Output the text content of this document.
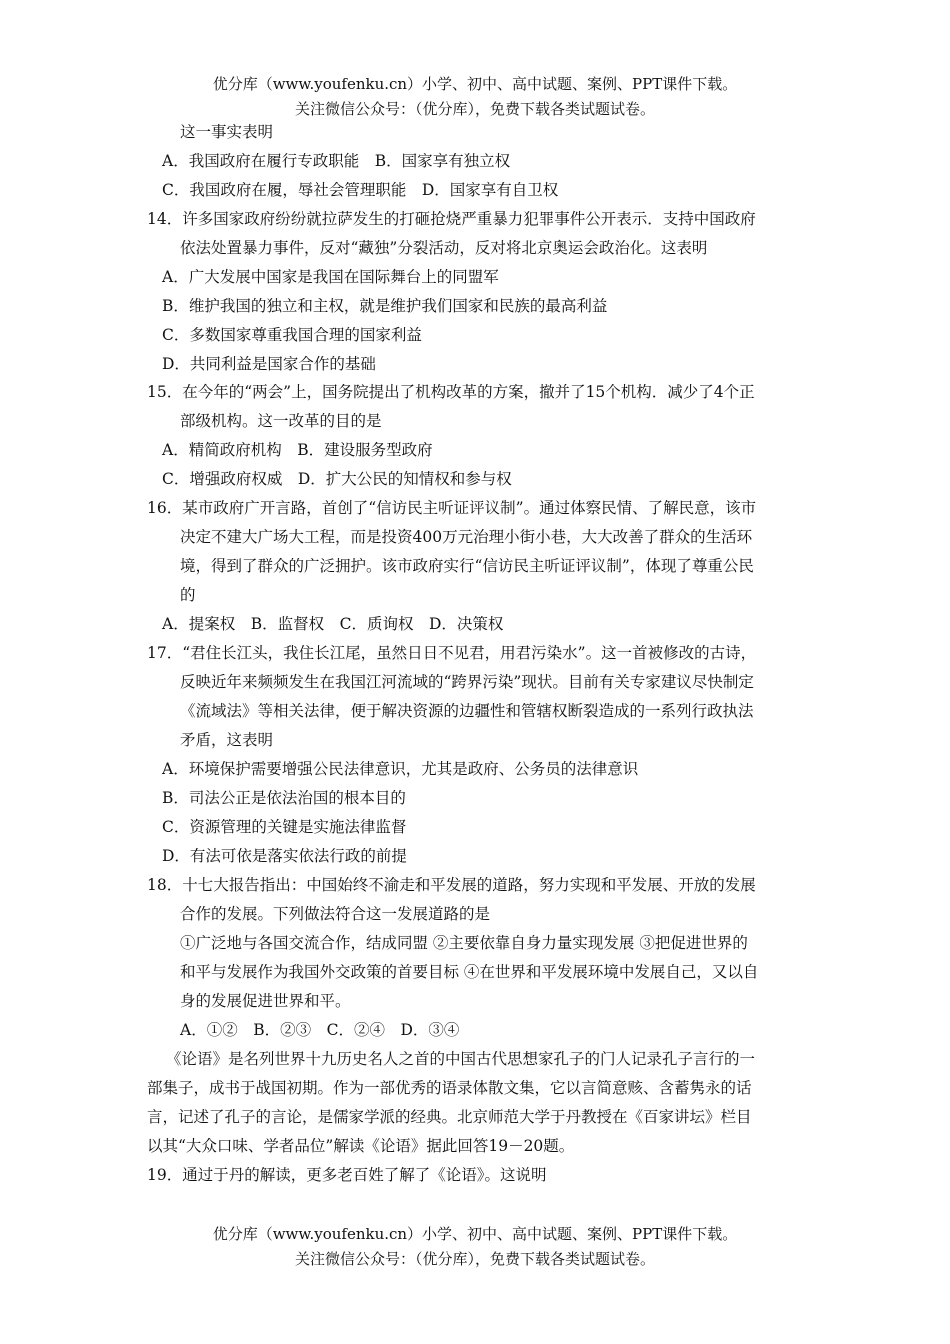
优分库（www.youfenku.cn）小学、初中、高中试题、案例、PPT课件下载。
关注微信公众号：（优分库），免费下载各类试题试卷。
这一事实表明
A．我国政府在履行专政职能　B．国家享有独立权
C．我国政府在履，辱社会管理职能　D．国家享有自卫权
14．许多国家政府纷纷就拉萨发生的打砸抢烧严重暴力犯罪事件公开表示．支持中国政府
依法处置暴力事件，反对“藏独”分裂活动，反对将北京奥运会政治化。这表明
A．广大发展中国家是我国在国际舞台上的同盟军
B．维护我国的独立和主权，就是维护我们国家和民族的最高利益
C．多数国家尊重我国合理的国家利益
D．共同利益是国家合作的基础
15．在今年的“两会”上，国务院提出了机构改革的方案，撤并了15个机构．减少了4个正
部级机构。这一改革的目的是
A．精简政府机构　B．建设服务型政府
C．增强政府权威　D．扩大公民的知情权和参与权
16．某市政府广开言路，首创了“信访民主听证评议制”。通过体察民情、了解民意，该市
决定不建大广场大工程，而是投资400万元治理小街小巷，大大改善了群众的生活环
境，得到了群众的广泛拥护。该市政府实行“信访民主听证评议制”，体现了尊重公民
的
A．提案权　B．监督权　C．质询权　D．决策权
17．“君住长江头，我住长江尾，虽然日日不见君，用君污染水”。这一首被修改的古诗，
反映近年来频频发生在我国江河流域的“跨界污染”现状。目前有关专家建议尽快制定
《流域法》等相关法律，便于解决资源的边疆性和管辖权断裂造成的一系列行政执法
矛盾，这表明
A．环境保护需要增强公民法律意识，尤其是政府、公务员的法律意识
B．司法公正是依法治国的根本目的
C．资源管理的关键是实施法律监督
D．有法可依是落实依法行政的前提
18．十七大报告指出：中国始终不渝走和平发展的道路，努力实现和平发展、开放的发展
合作的发展。下列做法符合这一发展道路的是
①广泛地与各国交流合作，结成同盟 ②主要依靠自身力量实现发展 ③把促进世界的
和平与发展作为我国外交政策的首要目标 ④在世界和平发展环境中发展自己，又以自
身的发展促进世界和平。
A．①②　B．②③　C．②④　D．③④
《论语》是名列世界十九历史名人之首的中国古代思想家孔子的门人记录孔子言行的一
部集子，成书于战国初期。作为一部优秀的语录体散文集，它以言简意赅、含蓄隽永的话
言，记述了孔子的言论，是儒家学派的经典。北京师范大学于丹教授在《百家讲坛》栏目
以其“大众口味、学者品位”解读《论语》据此回答19－20题。
19．通过于丹的解读，更多老百姓了解了《论语》。这说明
优分库（www.youfenku.cn）小学、初中、高中试题、案例、PPT课件下载。
关注微信公众号：（优分库），免费下载各类试题试卷。
